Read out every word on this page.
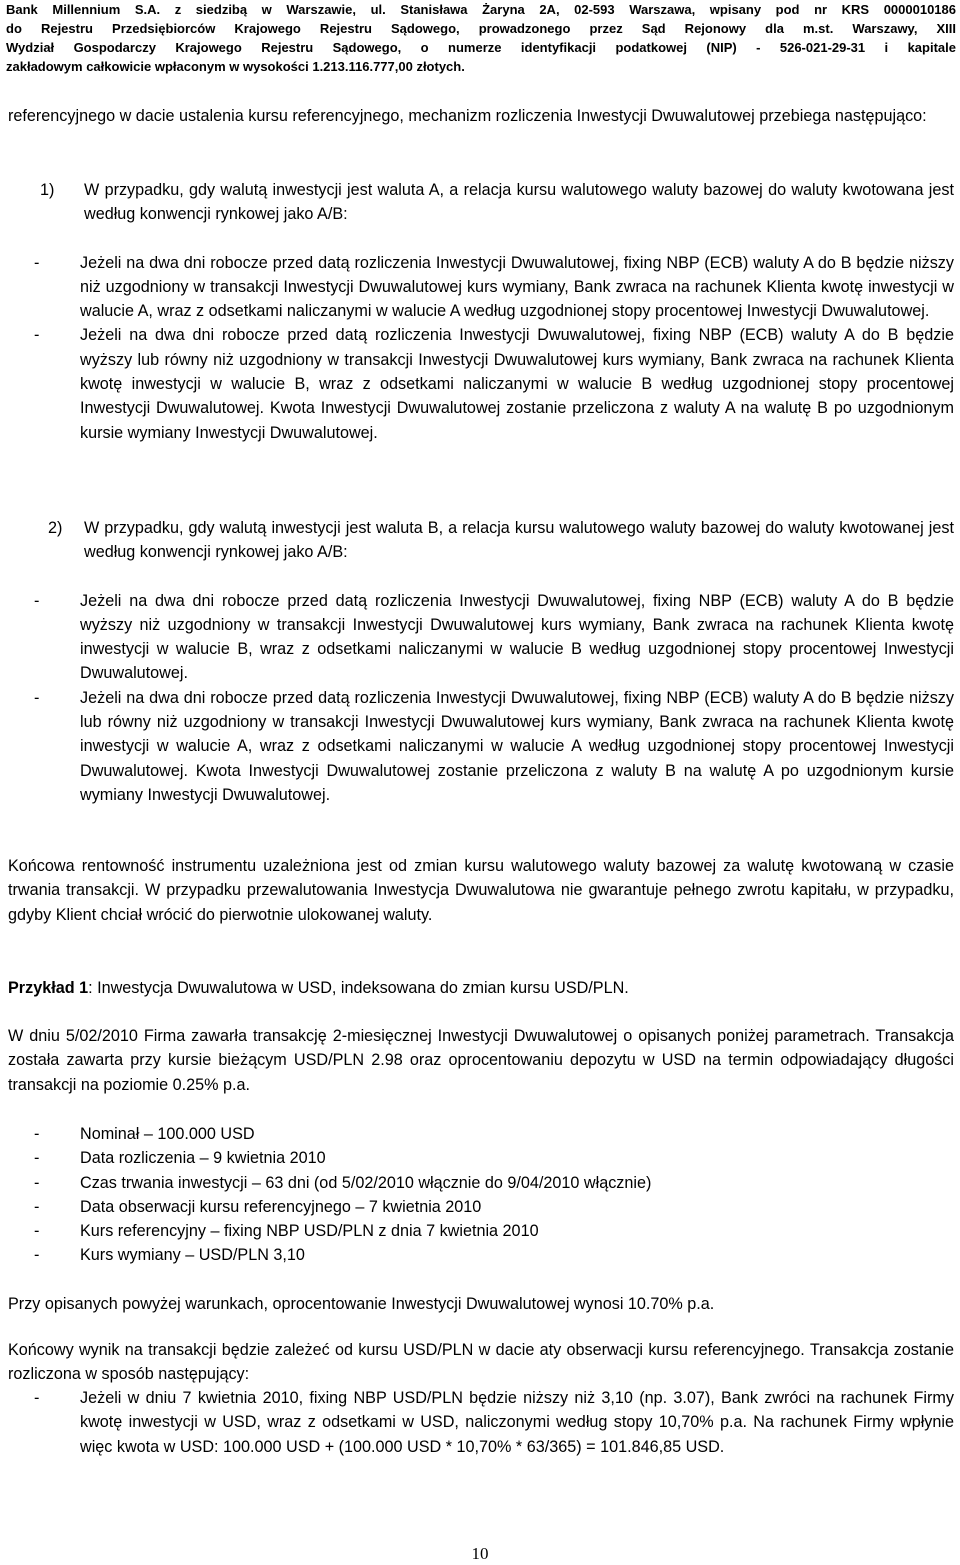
Bank Millennium S.A. z siedzibą w Warszawie, ul. Stanisława Żaryna 2A, 02-593 Warszawa, wpisany pod nr KRS 0000010186
do Rejestru Przedsiębiorców Krajowego Rejestru Sądowego, prowadzonego przez Sąd Rejonowy dla m.st. Warszawy, XIII
Wydział Gospodarczy Krajowego Rejestru Sądowego, o numerze identyfikacji podatkowej (NIP) - 526-021-29-31 i kapitale
zakładowym całkowicie wpłaconym w wysokości 1.213.116.777,00 złotych.
referencyjnego w dacie ustalenia kursu referencyjnego, mechanizm rozliczenia Inwestycji Dwuwalutowej przebiega następująco:
1) W przypadku, gdy walutą inwestycji jest waluta A, a relacja kursu walutowego waluty bazowej do waluty kwotowana jest według konwencji rynkowej jako A/B:
-	Jeżeli na dwa dni robocze przed datą rozliczenia Inwestycji Dwuwalutowej, fixing NBP (ECB) waluty A do B będzie niższy niż uzgodniony w transakcji Inwestycji Dwuwalutowej kurs wymiany, Bank zwraca na rachunek Klienta kwotę inwestycji w walucie A, wraz z odsetkami naliczanymi w walucie A według uzgodnionej stopy procentowej Inwestycji Dwuwalutowej.
-	Jeżeli na dwa dni robocze przed datą rozliczenia Inwestycji Dwuwalutowej, fixing NBP (ECB) waluty A do B będzie wyższy lub równy niż uzgodniony w transakcji Inwestycji Dwuwalutowej kurs wymiany, Bank zwraca na rachunek Klienta kwotę inwestycji w walucie B, wraz z odsetkami naliczanymi w walucie B według uzgodnionej stopy procentowej Inwestycji Dwuwalutowej. Kwota Inwestycji Dwuwalutowej zostanie przeliczona z waluty A na walutę B po uzgodnionym kursie wymiany Inwestycji Dwuwalutowej.
2) W przypadku, gdy walutą inwestycji jest waluta B, a relacja kursu walutowego waluty bazowej do waluty kwotowanej jest według konwencji rynkowej jako A/B:
-	Jeżeli na dwa dni robocze przed datą rozliczenia Inwestycji Dwuwalutowej, fixing NBP (ECB) waluty A do B będzie wyższy niż uzgodniony w transakcji Inwestycji Dwuwalutowej kurs wymiany, Bank zwraca na rachunek Klienta kwotę inwestycji w walucie B, wraz z odsetkami naliczanymi w walucie B według uzgodnionej stopy procentowej Inwestycji Dwuwalutowej.
-	Jeżeli na dwa dni robocze przed datą rozliczenia Inwestycji Dwuwalutowej, fixing NBP (ECB) waluty A do B będzie niższy lub równy niż uzgodniony w transakcji Inwestycji Dwuwalutowej kurs wymiany, Bank zwraca na rachunek Klienta kwotę inwestycji w walucie A, wraz z odsetkami naliczanymi w walucie A według uzgodnionej stopy procentowej Inwestycji Dwuwalutowej. Kwota Inwestycji Dwuwalutowej zostanie przeliczona z waluty B na walutę A po uzgodnionym kursie wymiany Inwestycji Dwuwalutowej.
Końcowa rentowność instrumentu uzależniona jest od zmian kursu walutowego waluty bazowej za walutę kwotowaną w czasie trwania transakcji. W przypadku przewalutowania Inwestycja Dwuwalutowa nie gwarantuje pełnego zwrotu kapitału, w przypadku, gdyby Klient chciał wrócić do pierwotnie ulokowanej waluty.
Przykład 1: Inwestycja Dwuwalutowa w USD, indeksowana do zmian kursu USD/PLN.
W dniu 5/02/2010 Firma zawarła transakcję 2-miesięcznej Inwestycji Dwuwalutowej o opisanych poniżej parametrach. Transakcja została zawarta przy kursie bieżącym USD/PLN 2.98 oraz oprocentowaniu depozytu w USD na termin odpowiadający długości transakcji na poziomie 0.25% p.a.
-	Nominał – 100.000 USD
-	Data rozliczenia – 9 kwietnia 2010
-	Czas trwania inwestycji – 63 dni (od 5/02/2010 włącznie do 9/04/2010 włącznie)
-	Data obserwacji kursu referencyjnego – 7 kwietnia 2010
-	Kurs referencyjny – fixing NBP USD/PLN z dnia 7 kwietnia 2010
-	Kurs wymiany – USD/PLN 3,10
Przy opisanych powyżej warunkach, oprocentowanie Inwestycji Dwuwalutowej wynosi 10.70% p.a.
Końcowy wynik na transakcji będzie zależeć od kursu USD/PLN w dacie aty obserwacji kursu referencyjnego. Transakcja zostanie rozliczona w sposób następujący:
-	Jeżeli w dniu 7 kwietnia 2010, fixing NBP USD/PLN będzie niższy niż 3,10 (np. 3.07), Bank zwróci na rachunek Firmy kwotę inwestycji w USD, wraz z odsetkami w USD, naliczonymi według stopy 10,70% p.a. Na rachunek Firmy wpłynie więc kwota w USD: 100.000 USD + (100.000 USD * 10,70% * 63/365) = 101.846,85 USD.
10
